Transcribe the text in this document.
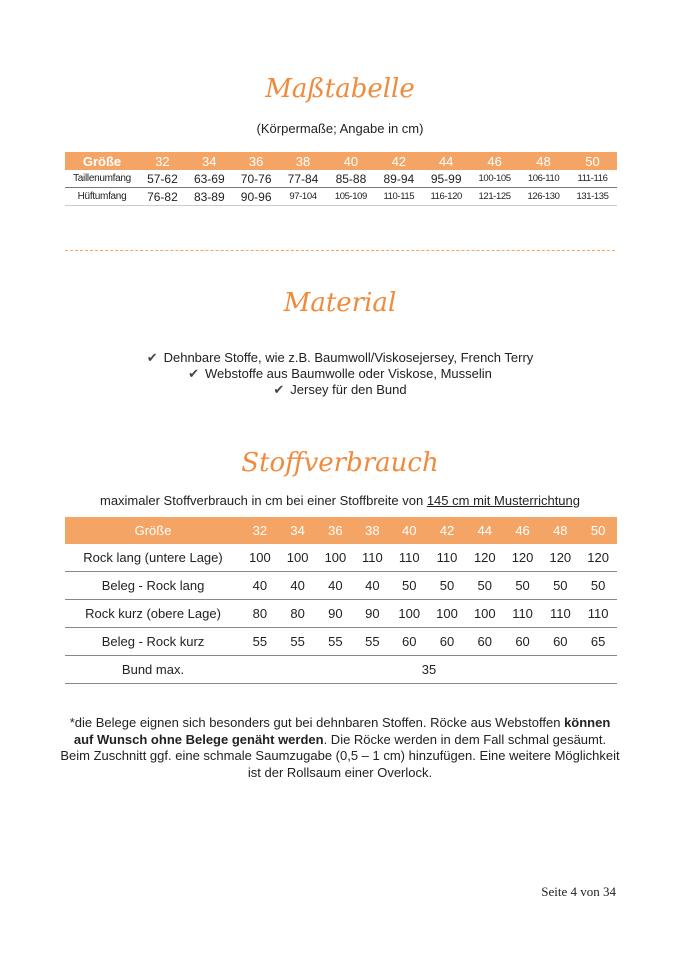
Maßtabelle
(Körpermaße; Angabe in cm)
Größe	32	34	36	38	40	42	44	46	48	50
Taillenumfang	57-62	63-69	70-76	77-84	85-88	89-94	95-99	100-105	106-110	111-116
Hüftumfang	76-82	83-89	90-96	97-104	105-109	110-115	116-120	121-125	126-130	131-135
Material
✔ Dehnbare Stoffe, wie z.B. Baumwoll/Viskosejersey, French Terry
✔ Webstoffe aus Baumwolle oder Viskose, Musselin
✔ Jersey für den Bund
Stoffverbrauch
maximaler Stoffverbrauch in cm bei einer Stoffbreite von 145 cm mit Musterrichtung
Größe	32	34	36	38	40	42	44	46	48	50
Rock lang (untere Lage)	100	100	100	110	110	110	120	120	120	120
Beleg - Rock lang	40	40	40	40	50	50	50	50	50	50
Rock kurz (obere Lage)	80	80	90	90	100	100	100	110	110	110
Beleg - Rock kurz	55	55	55	55	60	60	60	60	60	65
Bund max.	35									
*die Belege eignen sich besonders gut bei dehnbaren Stoffen. Röcke aus Webstoffen können auf Wunsch ohne Belege genäht werden. Die Röcke werden in dem Fall schmal gesäumt. Beim Zuschnitt ggf. eine schmale Saumzugabe (0,5 – 1 cm) hinzufügen. Eine weitere Möglichkeit ist der Rollsaum einer Overlock.
Seite 4 von 34
